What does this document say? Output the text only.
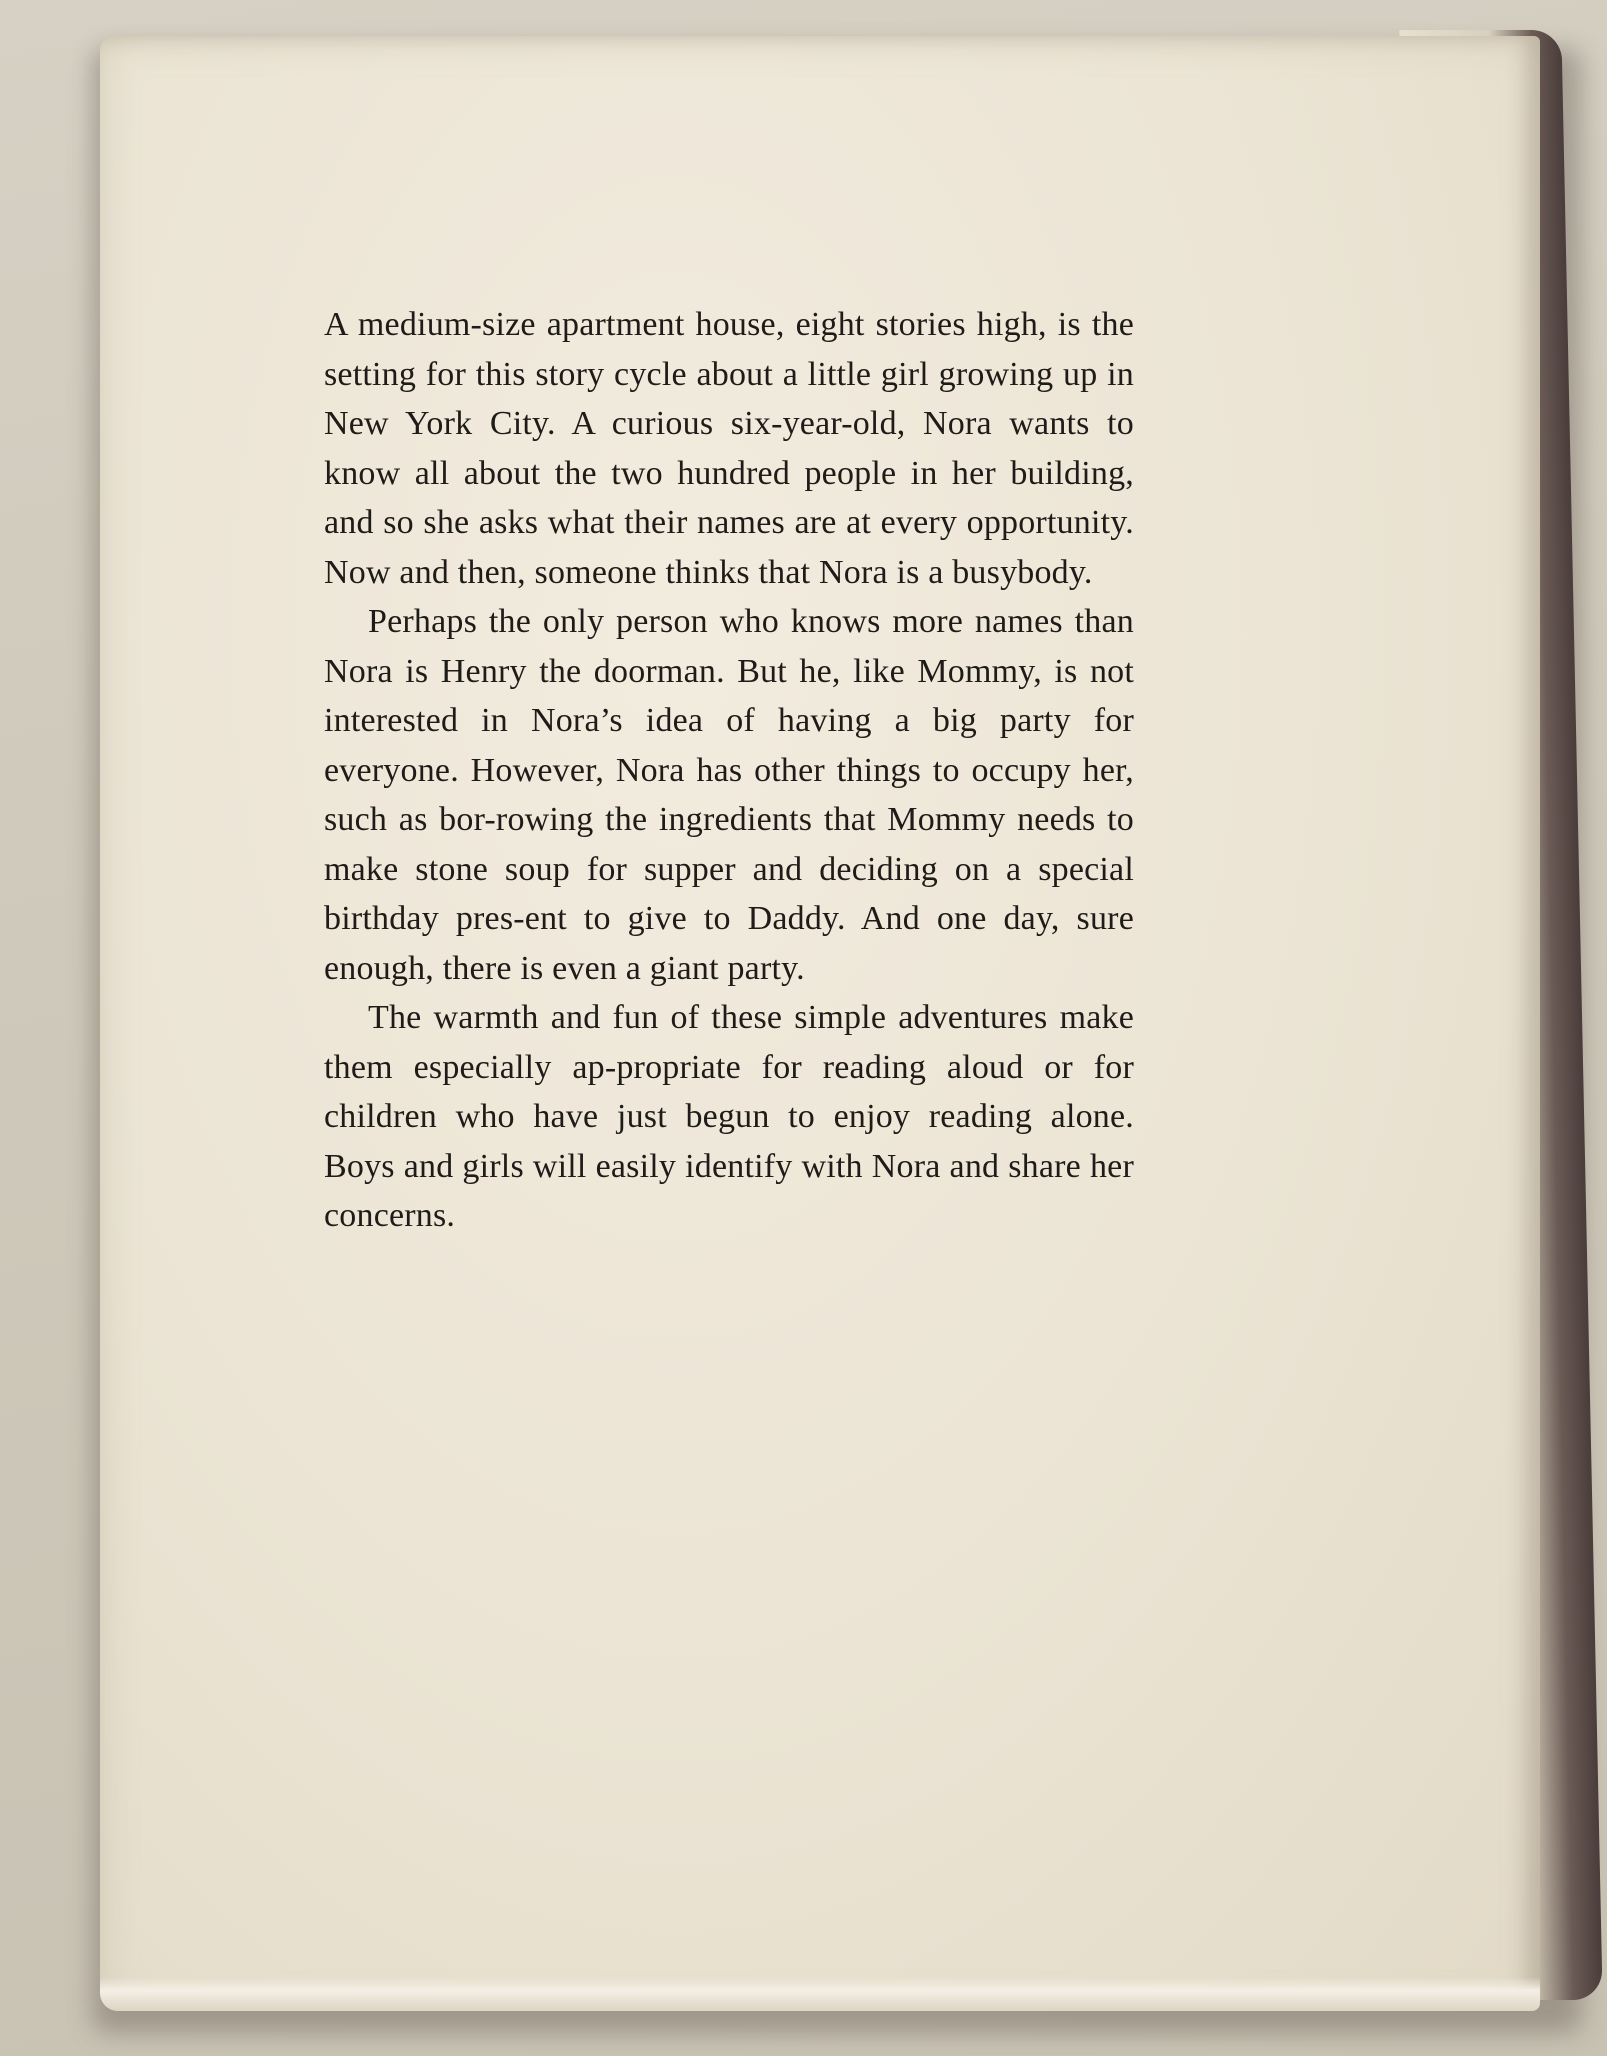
A medium-size apartment house, eight stories high, is the setting for this story cycle about a little girl growing up in New York City. A curious six-year-old, Nora wants to know all about the two hundred people in her building, and so she asks what their names are at every opportunity. Now and then, someone thinks that Nora is a busybody.

Perhaps the only person who knows more names than Nora is Henry the doorman. But he, like Mommy, is not interested in Nora’s idea of having a big party for everyone. However, Nora has other things to occupy her, such as bor-rowing the ingredients that Mommy needs to make stone soup for supper and deciding on a special birthday pres-ent to give to Daddy. And one day, sure enough, there is even a giant party.

The warmth and fun of these simple adventures make them especially ap-propriate for reading aloud or for children who have just begun to enjoy reading alone. Boys and girls will easily identify with Nora and share her concerns.
